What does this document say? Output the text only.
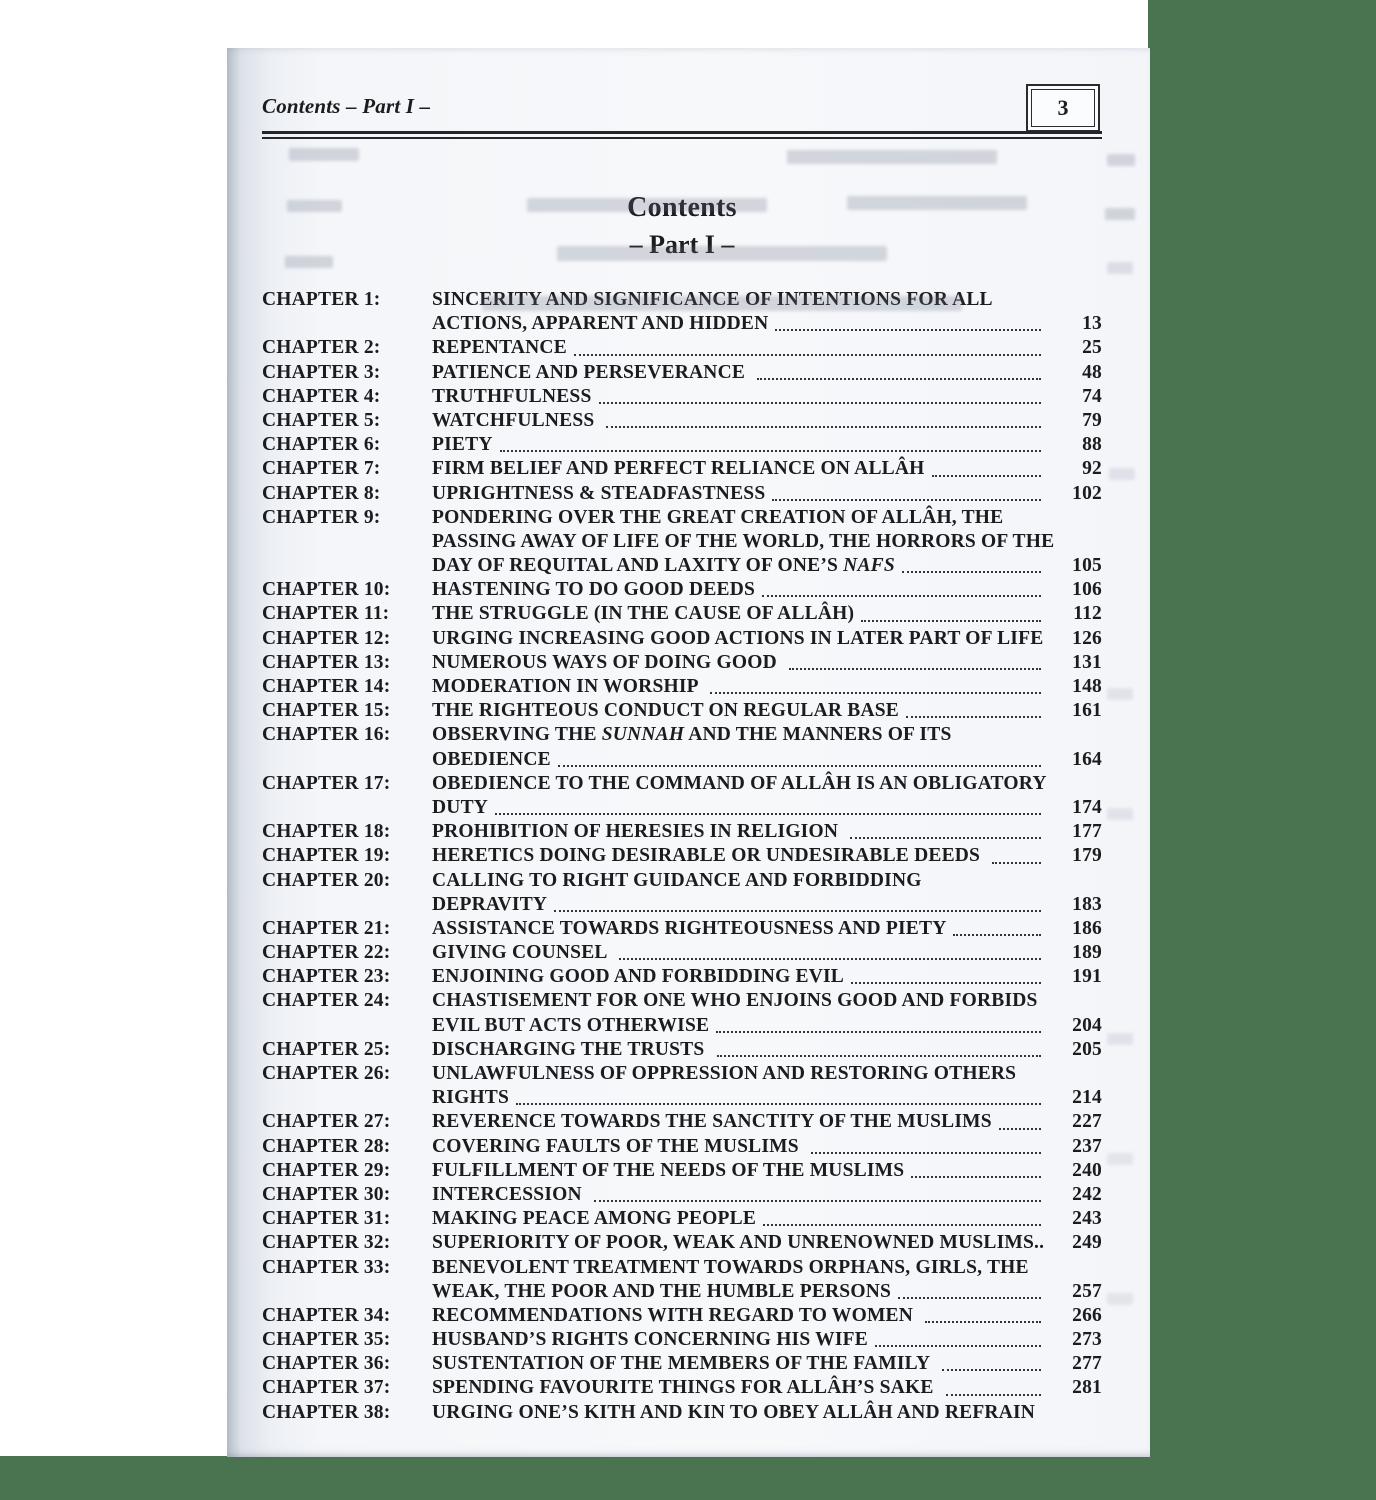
Contents – Part I –	3
Contents
– Part I –
CHAPTER 1:	SINCERITY AND SIGNIFICANCE OF INTENTIONS FOR ALL
ACTIONS, APPARENT AND HIDDEN	13
CHAPTER 2:	REPENTANCE	25
CHAPTER 3:	PATIENCE AND PERSEVERANCE	48
CHAPTER 4:	TRUTHFULNESS	74
CHAPTER 5:	WATCHFULNESS	79
CHAPTER 6:	PIETY	88
CHAPTER 7:	FIRM BELIEF AND PERFECT RELIANCE ON ALLÂH	92
CHAPTER 8:	UPRIGHTNESS & STEADFASTNESS	102
CHAPTER 9:	PONDERING OVER THE GREAT CREATION OF ALLÂH, THE
PASSING AWAY OF LIFE OF THE WORLD, THE HORRORS OF THE
DAY OF REQUITAL AND LAXITY OF ONE’S NAFS	105
CHAPTER 10:	HASTENING TO DO GOOD DEEDS	106
CHAPTER 11:	THE STRUGGLE (IN THE CAUSE OF ALLÂH)	112
CHAPTER 12:	URGING INCREASING GOOD ACTIONS IN LATER PART OF LIFE	126
CHAPTER 13:	NUMEROUS WAYS OF DOING GOOD	131
CHAPTER 14:	MODERATION IN WORSHIP	148
CHAPTER 15:	THE RIGHTEOUS CONDUCT ON REGULAR BASE	161
CHAPTER 16:	OBSERVING THE SUNNAH AND THE MANNERS OF ITS
OBEDIENCE	164
CHAPTER 17:	OBEDIENCE TO THE COMMAND OF ALLÂH IS AN OBLIGATORY
DUTY	174
CHAPTER 18:	PROHIBITION OF HERESIES IN RELIGION	177
CHAPTER 19:	HERETICS DOING DESIRABLE OR UNDESIRABLE DEEDS	179
CHAPTER 20:	CALLING TO RIGHT GUIDANCE AND FORBIDDING
DEPRAVITY	183
CHAPTER 21:	ASSISTANCE TOWARDS RIGHTEOUSNESS AND PIETY	186
CHAPTER 22:	GIVING COUNSEL	189
CHAPTER 23:	ENJOINING GOOD AND FORBIDDING EVIL	191
CHAPTER 24:	CHASTISEMENT FOR ONE WHO ENJOINS GOOD AND FORBIDS
EVIL BUT ACTS OTHERWISE	204
CHAPTER 25:	DISCHARGING THE TRUSTS	205
CHAPTER 26:	UNLAWFULNESS OF OPPRESSION AND RESTORING OTHERS
RIGHTS	214
CHAPTER 27:	REVERENCE TOWARDS THE SANCTITY OF THE MUSLIMS	227
CHAPTER 28:	COVERING FAULTS OF THE MUSLIMS	237
CHAPTER 29:	FULFILLMENT OF THE NEEDS OF THE MUSLIMS	240
CHAPTER 30:	INTERCESSION	242
CHAPTER 31:	MAKING PEACE AMONG PEOPLE	243
CHAPTER 32:	SUPERIORITY OF POOR, WEAK AND UNRENOWNED MUSLIMS..	249
CHAPTER 33:	BENEVOLENT TREATMENT TOWARDS ORPHANS, GIRLS, THE
WEAK, THE POOR AND THE HUMBLE PERSONS	257
CHAPTER 34:	RECOMMENDATIONS WITH REGARD TO WOMEN	266
CHAPTER 35:	HUSBAND’S RIGHTS CONCERNING HIS WIFE	273
CHAPTER 36:	SUSTENTATION OF THE MEMBERS OF THE FAMILY	277
CHAPTER 37:	SPENDING FAVOURITE THINGS FOR ALLÂH’S SAKE	281
CHAPTER 38:	URGING ONE’S KITH AND KIN TO OBEY ALLÂH AND REFRAIN
